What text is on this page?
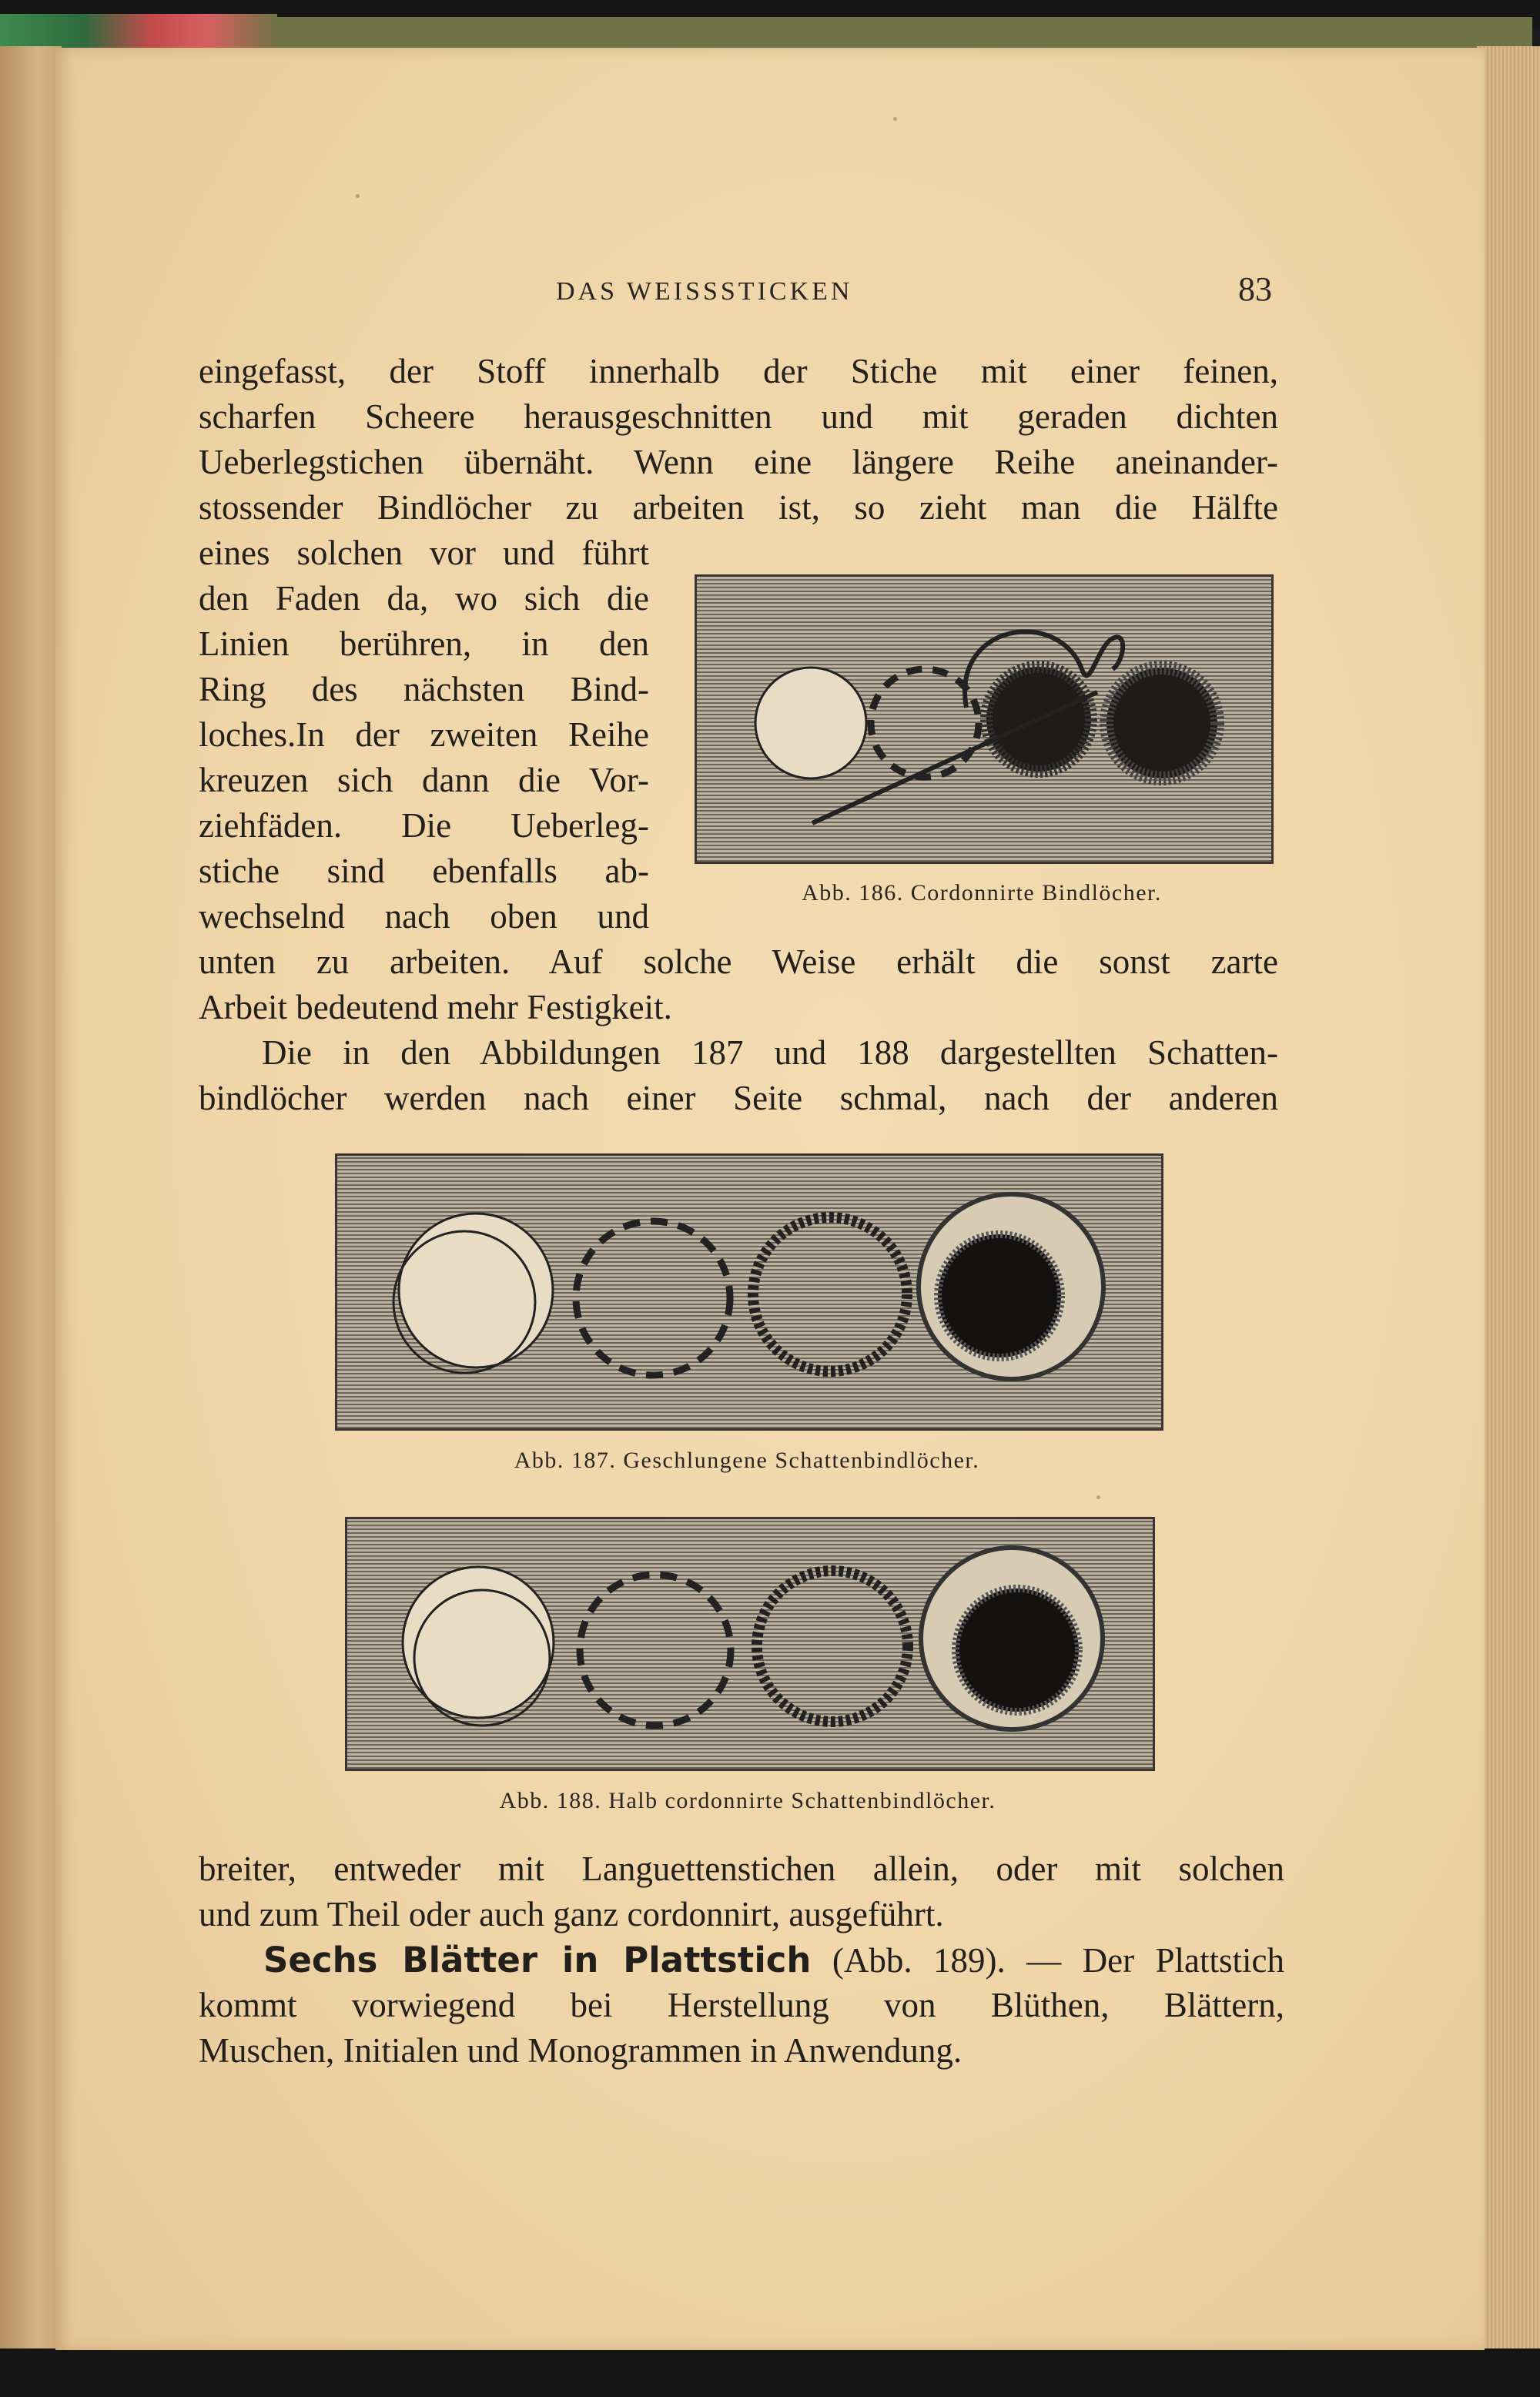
DAS WEISSSTICKEN	83
eingefasst, der Stoff innerhalb der Stiche mit einer feinen,
scharfen Scheere herausgeschnitten und mit geraden dichten
Ueberlegstichen übernäht. Wenn eine längere Reihe aneinander-
stossender Bindlöcher zu arbeiten ist, so zieht man die Hälfte
eines solchen vor und führt
den Faden da, wo sich die
Linien berühren, in den
Ring des nächsten Bind-
loches.In der zweiten Reihe
kreuzen sich dann die Vor-
ziehfäden. Die Ueberleg-
stiche sind ebenfalls ab-
wechselnd nach oben und
Abb. 186. Cordonnirte Bindlöcher.
unten zu arbeiten. Auf solche Weise erhält die sonst zarte
Arbeit bedeutend mehr Festigkeit.
Die in den Abbildungen 187 und 188 dargestellten Schatten-
bindlöcher werden nach einer Seite schmal, nach der anderen
Abb. 187. Geschlungene Schattenbindlöcher.
Abb. 188. Halb cordonnirte Schattenbindlöcher.
breiter, entweder mit Languettenstichen allein, oder mit solchen
und zum Theil oder auch ganz cordonnirt, ausgeführt.
Sechs Blätter in Plattstich (Abb. 189). — Der Plattstich
kommt vorwiegend bei Herstellung von Blüthen, Blättern,
Muschen, Initialen und Monogrammen in Anwendung.
